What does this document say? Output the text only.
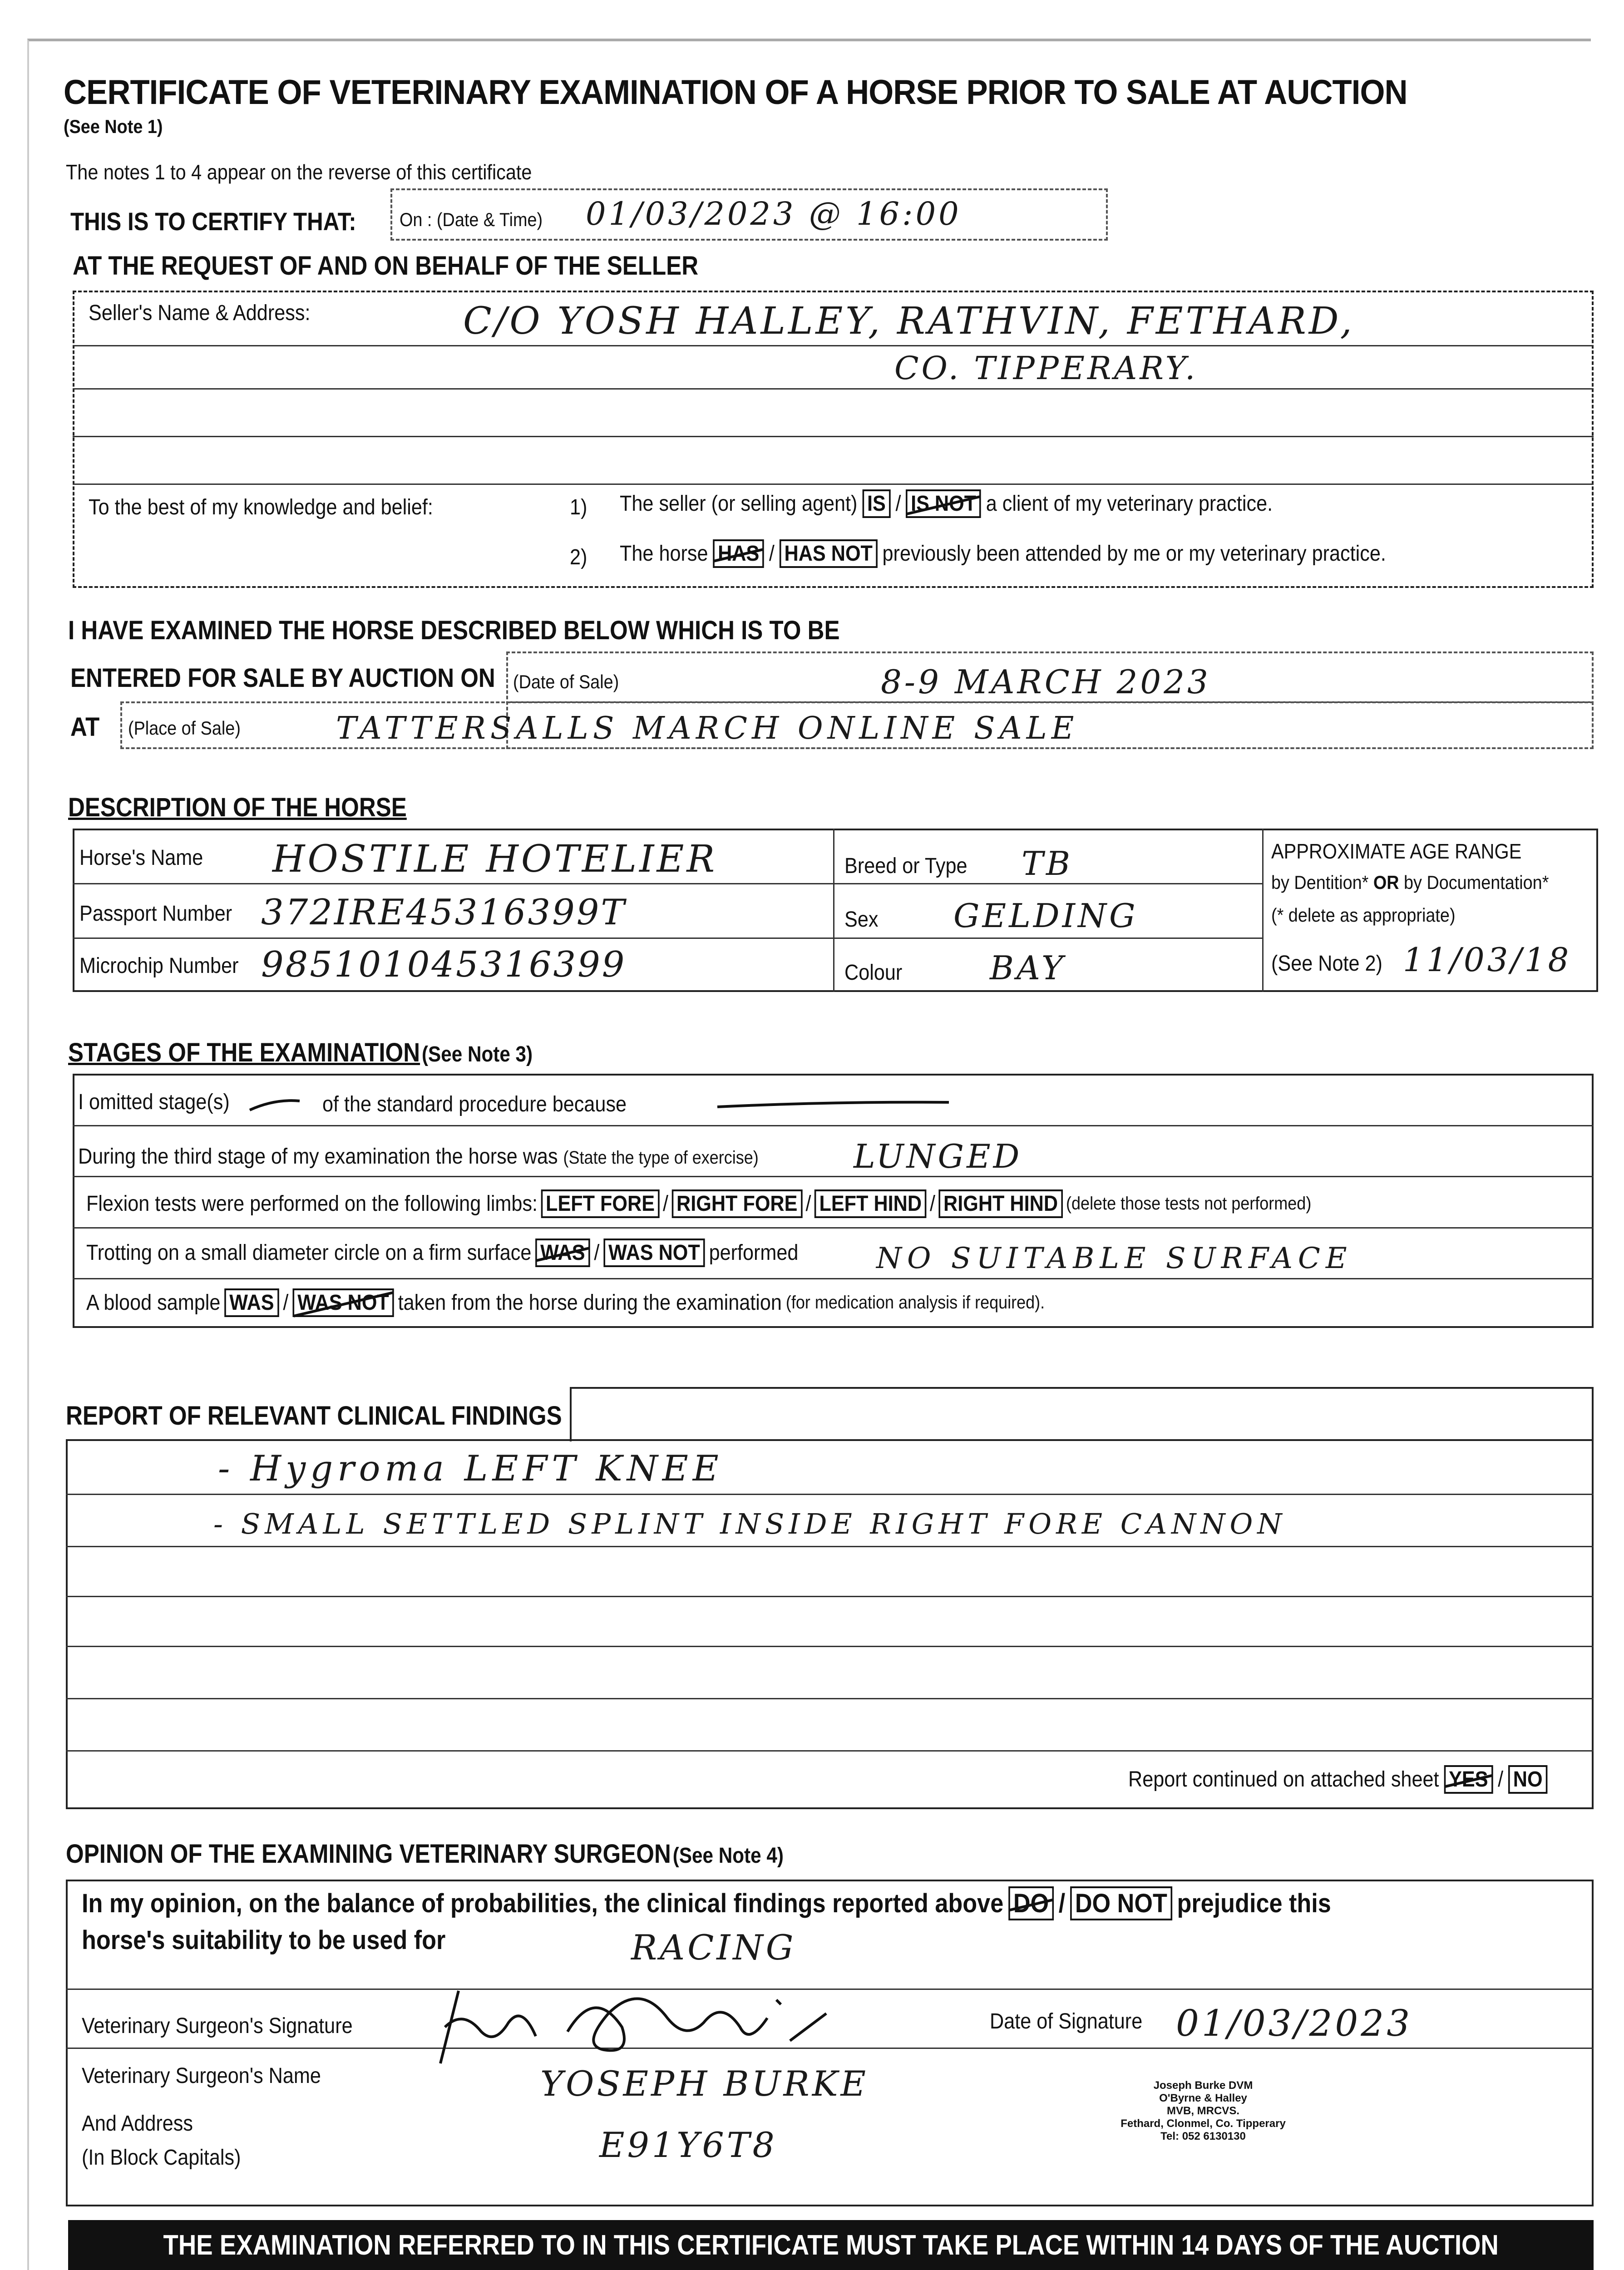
CERTIFICATE OF VETERINARY EXAMINATION OF A HORSE PRIOR TO SALE AT AUCTION
(See Note 1)
The notes 1 to 4 appear on the reverse of this certificate
THIS IS TO CERTIFY THAT: On : (Date & Time) 01/03/2023 @ 16:00
AT THE REQUEST OF AND ON BEHALF OF THE SELLER
Seller's Name & Address:	C/O YOSH HALLEY, RATHVIN, FETHARD,
CO. TIPPERARY.
To the best of my knowledge and belief:	1) The seller (or selling agent) IS / IS NOT a client of my veterinary practice.
2) The horse HAS / HAS NOT previously been attended by me or my veterinary practice.
I HAVE EXAMINED THE HORSE DESCRIBED BELOW WHICH IS TO BE
ENTERED FOR SALE BY AUCTION ON (Date of Sale)	8-9 MARCH 2023
AT (Place of Sale)	TATTERSALLS MARCH ONLINE SALE
DESCRIPTION OF THE HORSE
Horse's Name HOSTILE HOTELIER
Passport Number 372IRE45316399T
Microchip Number 985101045316399
Breed or Type TB
Sex GELDING
Colour	BAY
APPROXIMATE AGE RANGE
by Dentition* OR by Documentation*
(* delete as appropriate)
(See Note 2) 11/03/18
STAGES OF THE EXAMINATION (See Note 3)
I omitted stage(s)	of the standard procedure because
During the third stage of my examination the horse was (State the type of exercise)	LUNGED
Flexion tests were performed on the following limbs: LEFT FORE / RIGHT FORE / LEFT HIND / RIGHT HIND (delete those tests not performed)
Trotting on a small diameter circle on a firm surface WAS / WAS NOT performed	NO SUITABLE SURFACE
A blood sample WAS / WAS NOT taken from the horse during the examination (for medication analysis if required).
REPORT OF RELEVANT CLINICAL FINDINGS
- Hygroma LEFT KNEE
- SMALL SETTLED SPLINT INSIDE RIGHT FORE CANNON
Report continued on attached sheet YES / NO
OPINION OF THE EXAMINING VETERINARY SURGEON (See Note 4)
In my opinion, on the balance of probabilities, the clinical findings reported above DO / DO NOT prejudice this
horse's suitability to be used for	RACING
Veterinary Surgeon's Signature	Date of Signature 01/03/2023
Veterinary Surgeon's Name
And Address
(In Block Capitals)
YOSEPH BURKE
E91Y6T8
Joseph Burke DVM
O'Byrne & Halley
MVB, MRCVS.
Fethard, Clonmel, Co. Tipperary
Tel: 052 6130130
THE EXAMINATION REFERRED TO IN THIS CERTIFICATE MUST TAKE PLACE WITHIN 14 DAYS OF THE AUCTION
